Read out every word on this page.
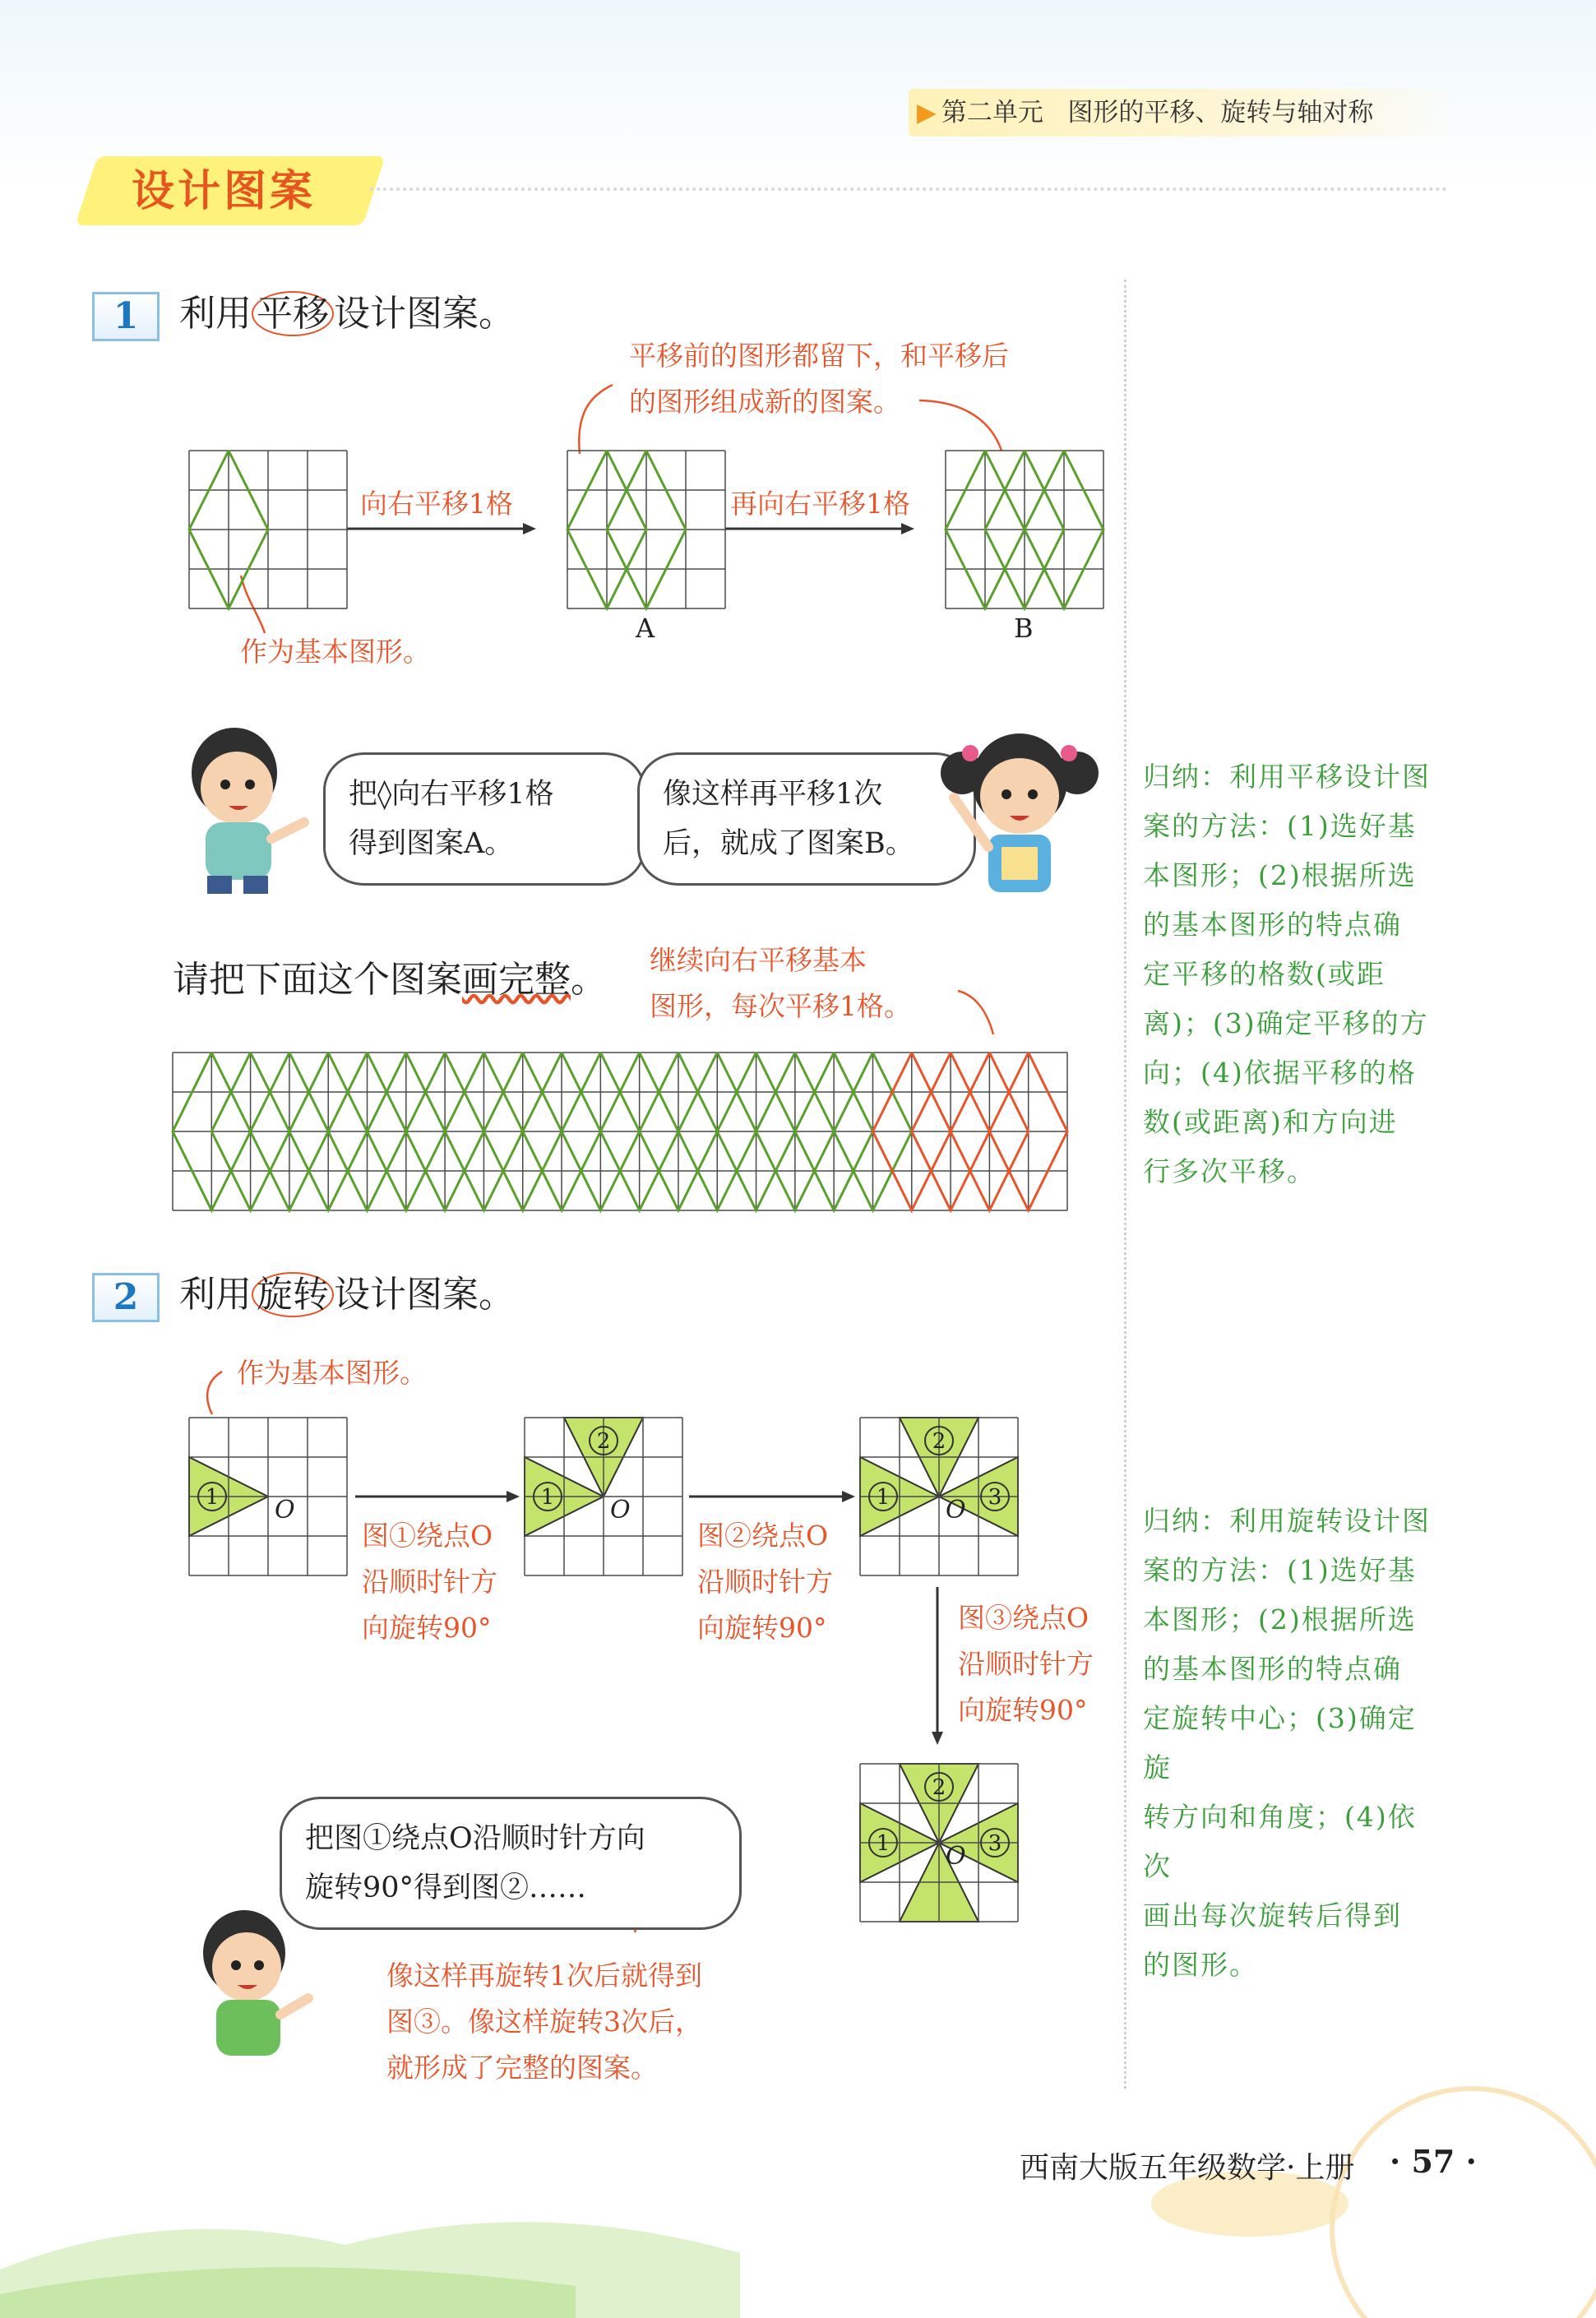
▶ 第二单元 图形的平移、旋转与轴对称
设计图案
1	利用 平移 设计图案。
平移前的图形都留下，和平移后
的图形组成新的图案。
向右平移1格	再向右平移1格
A	B
作为基本图形。
把◊向右平移1格
得到图案A。
像这样再平移1次
后，就成了图案B。
请把下面这个图案画完整。 继续向右平移基本
图形，每次平移1格。
归纳：利用平移设计图
案的方法：(1)选好基
本图形；(2)根据所选
的基本图形的特点确
定平移的格数(或距
离)；(3)确定平移的方
向；(4)依据平移的格
数(或距离)和方向进
行多次平移。
2	利用 旋转 设计图案。
作为基本图形。
1 O	1
2
O	1
2
3
O
1
2
3
O
图①绕点O
沿顺时针方
向旋转90°
图②绕点O
沿顺时针方
向旋转90°	图③绕点O
沿顺时针方
向旋转90°
把图①绕点O沿顺时针方向
旋转90°得到图②……
像这样再旋转1次后就得到
图③。像这样旋转3次后，
就形成了完整的图案。
归纳：利用旋转设计图
案的方法：(1)选好基
本图形；(2)根据所选
的基本图形的特点确
定旋转中心；(3)确定旋
转方向和角度；(4)依次
画出每次旋转后得到
的图形。
西南大版五年级数学·上册 · 57 ·
